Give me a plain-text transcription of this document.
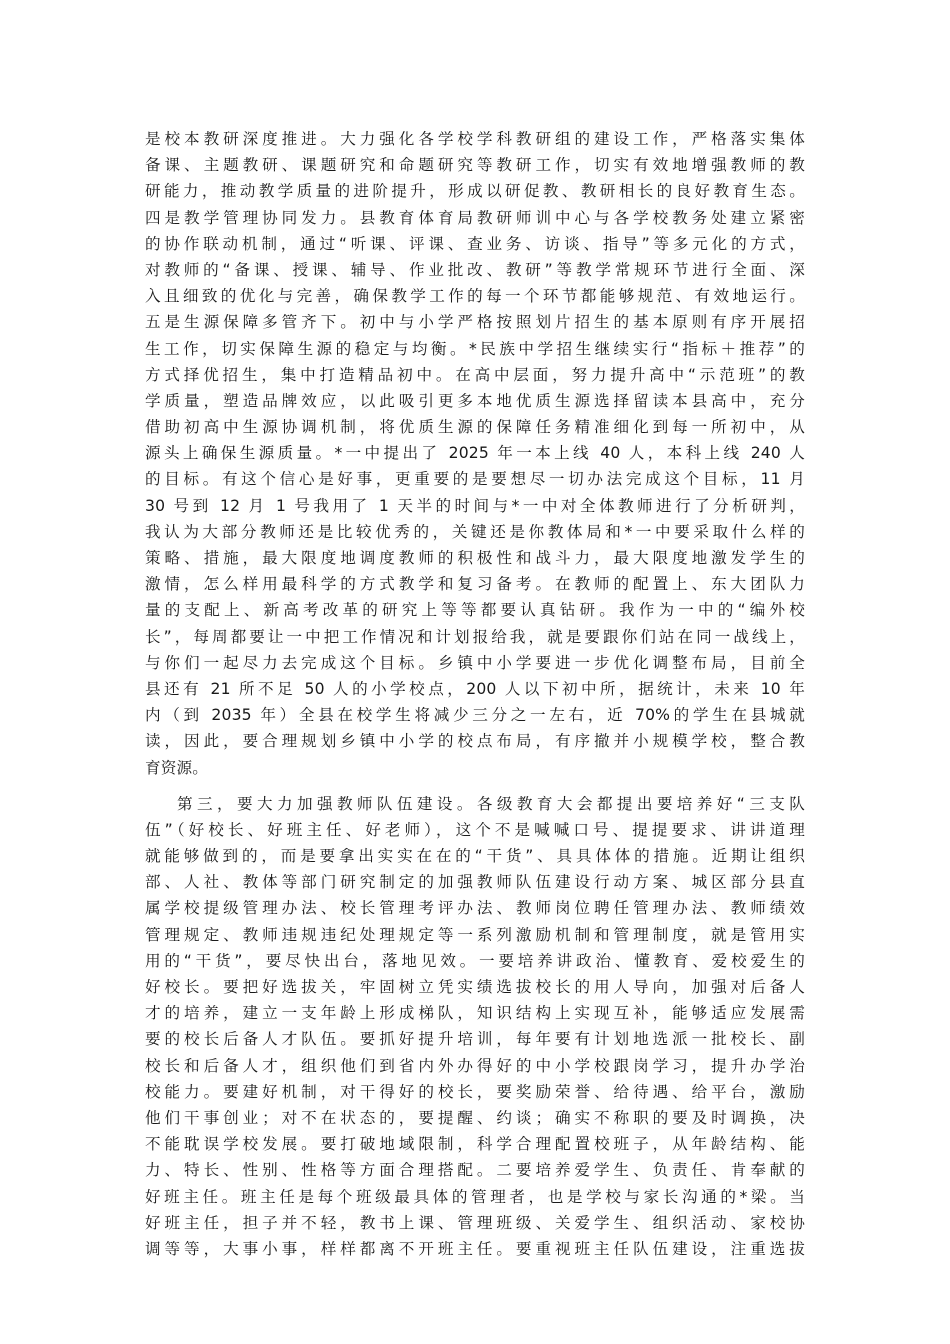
是校本教研深度推进。大力强化各学校学科教研组的建设工作，严格落实集体
备课、主题教研、课题研究和命题研究等教研工作，切实有效地增强教师的教
研能力，推动教学质量的进阶提升，形成以研促教、教研相长的良好教育生态。
四是教学管理协同发力。县教育体育局教研师训中心与各学校教务处建立紧密
的协作联动机制，通过“听课、评课、查业务、访谈、指导”等多元化的方式，
对教师的“备课、授课、辅导、作业批改、教研”等教学常规环节进行全面、深
入且细致的优化与完善，确保教学工作的每一个环节都能够规范、有效地运行。
五是生源保障多管齐下。初中与小学严格按照划片招生的基本原则有序开展招
生工作，切实保障生源的稳定与均衡。*民族中学招生继续实行“指标＋推荐”的
方式择优招生，集中打造精品初中。在高中层面，努力提升高中“示范班”的教
学质量，塑造品牌效应，以此吸引更多本地优质生源选择留读本县高中，充分
借助初高中生源协调机制，将优质生源的保障任务精准细化到每一所初中，从
源头上确保生源质量。*一中提出了 2025 年一本上线 40 人，本科上线 240 人
的目标。有这个信心是好事，更重要的是要想尽一切办法完成这个目标，11 月
30 号到 12 月 1 号我用了 1 天半的时间与*一中对全体教师进行了分析研判，
我认为大部分教师还是比较优秀的，关键还是你教体局和*一中要采取什么样的
策略、措施，最大限度地调度教师的积极性和战斗力，最大限度地激发学生的
激情，怎么样用最科学的方式教学和复习备考。在教师的配置上、东大团队力
量的支配上、新高考改革的研究上等等都要认真钻研。我作为一中的“编外校
长”，每周都要让一中把工作情况和计划报给我，就是要跟你们站在同一战线上，
与你们一起尽力去完成这个目标。乡镇中小学要进一步优化调整布局，目前全
县还有 21 所不足 50 人的小学校点，200 人以下初中所，据统计，未来 10 年
内（到 2035 年）全县在校学生将减少三分之一左右，近 70%的学生在县城就
读，因此，要合理规划乡镇中小学的校点布局，有序撤并小规模学校，整合教
育资源。
第三，要大力加强教师队伍建设。各级教育大会都提出要培养好“三支队
伍”（好校长、好班主任、好老师），这个不是喊喊口号、提提要求、讲讲道理
就能够做到的，而是要拿出实实在在的“干货”、具具体体的措施。近期让组织
部、人社、教体等部门研究制定的加强教师队伍建设行动方案、城区部分县直
属学校提级管理办法、校长管理考评办法、教师岗位聘任管理办法、教师绩效
管理规定、教师违规违纪处理规定等一系列激励机制和管理制度，就是管用实
用的“干货”，要尽快出台，落地见效。一要培养讲政治、懂教育、爱校爱生的
好校长。要把好选拔关，牢固树立凭实绩选拔校长的用人导向，加强对后备人
才的培养，建立一支年龄上形成梯队，知识结构上实现互补，能够适应发展需
要的校长后备人才队伍。要抓好提升培训，每年要有计划地选派一批校长、副
校长和后备人才，组织他们到省内外办得好的中小学校跟岗学习，提升办学治
校能力。要建好机制，对干得好的校长，要奖励荣誉、给待遇、给平台，激励
他们干事创业；对不在状态的，要提醒、约谈；确实不称职的要及时调换，决
不能耽误学校发展。要打破地域限制，科学合理配置校班子，从年龄结构、能
力、特长、性别、性格等方面合理搭配。二要培养爱学生、负责任、肯奉献的
好班主任。班主任是每个班级最具体的管理者，也是学校与家长沟通的*梁。当
好班主任，担子并不轻，教书上课、管理班级、关爱学生、组织活动、家校协
调等等，大事小事，样样都离不开班主任。要重视班主任队伍建设，注重选拔
